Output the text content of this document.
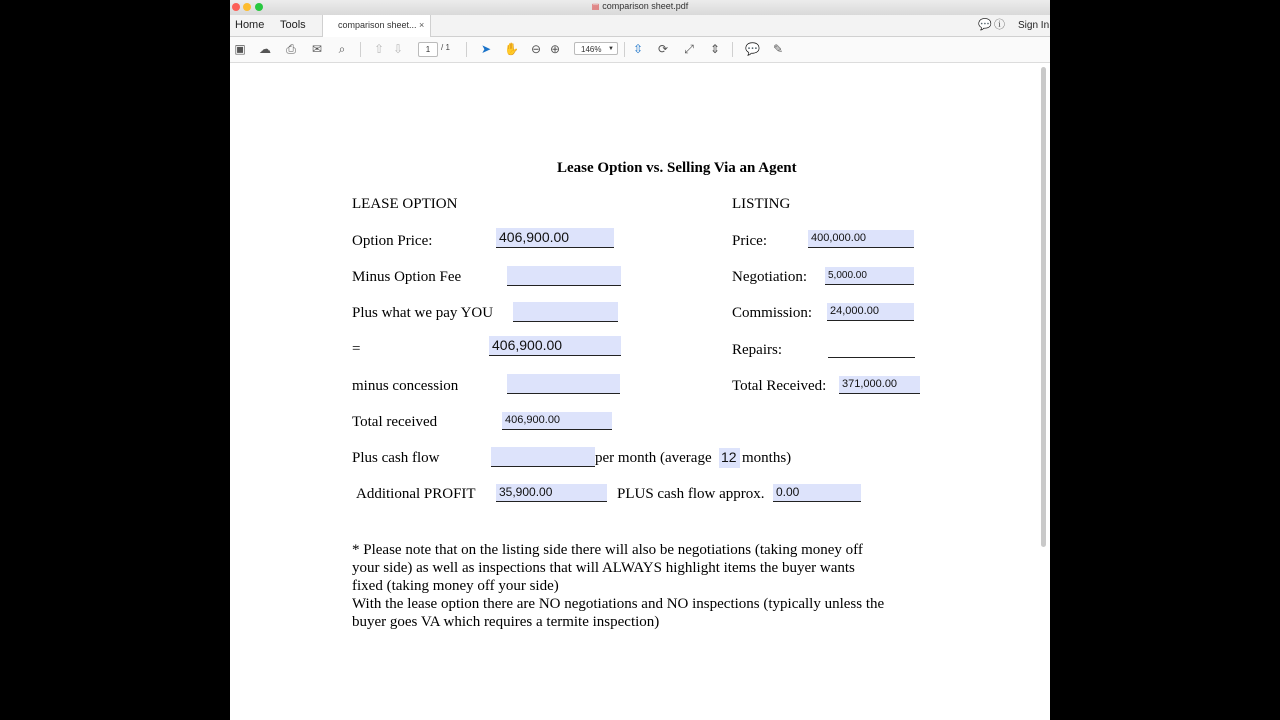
▤ comparison sheet.pdf
Home Tools	comparison sheet... ×	💬 ⓘ Sign In
▣ ☁ ⎙ ✉	⌕	⇧ ⇩	1	/ 1	➤ ✋ ⊖ ⊕	146% ▼ ⇳ ⟳ ⤢ ⇕ 💬 ✎
Lease Option vs. Selling Via an Agent
LEASE OPTION	LISTING
Option Price:	406,900.00
Minus Option Fee
Plus what we pay YOU
=	406,900.00
minus concession
Total received	406,900.00
Plus cash flow	per month (average 12 months)
Additional PROFIT 35,900.00	PLUS cash flow approx. 0.00
Price:	400,000.00
Negotiation:	5,000.00
Commission: 24,000.00
Repairs:
Total Received: 371,000.00
* Please note that on the listing side there will also be negotiations (taking money off
your side) as well as inspections that will ALWAYS highlight items the buyer wants
fixed (taking money off your side)
With the lease option there are NO negotiations and NO inspections (typically unless the
buyer goes VA which requires a termite inspection)
